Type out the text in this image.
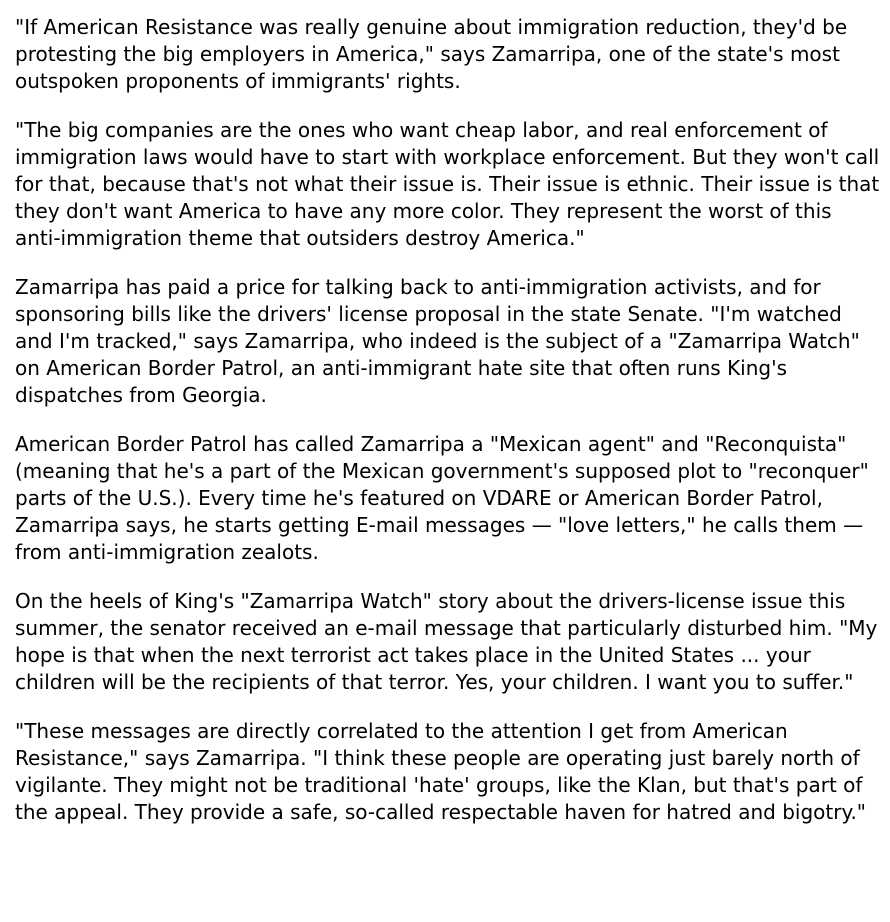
"If American Resistance was really genuine about immigration reduction, they'd be protesting the big employers in America," says Zamarripa, one of the state's most outspoken proponents of immigrants' rights.

"The big companies are the ones who want cheap labor, and real enforcement of immigration laws would have to start with workplace enforcement. But they won't call for that, because that's not what their issue is. Their issue is ethnic. Their issue is that they don't want America to have any more color. They represent the worst of this anti-immigration theme that outsiders destroy America."

Zamarripa has paid a price for talking back to anti-immigration activists, and for sponsoring bills like the drivers' license proposal in the state Senate. "I'm watched and I'm tracked," says Zamarripa, who indeed is the subject of a "Zamarripa Watch" on American Border Patrol, an anti-immigrant hate site that often runs King's dispatches from Georgia.

American Border Patrol has called Zamarripa a "Mexican agent" and "Reconquista" (meaning that he's a part of the Mexican government's supposed plot to "reconquer" parts of the U.S.). Every time he's featured on VDARE or American Border Patrol, Zamarripa says, he starts getting E-mail messages — "love letters," he calls them — from anti-immigration zealots.

On the heels of King's "Zamarripa Watch" story about the drivers-license issue this summer, the senator received an e-mail message that particularly disturbed him. "My hope is that when the next terrorist act takes place in the United States ... your children will be the recipients of that terror. Yes, your children. I want you to suffer."

"These messages are directly correlated to the attention I get from American Resistance," says Zamarripa. "I think these people are operating just barely north of vigilante. They might not be traditional 'hate' groups, like the Klan, but that's part of the appeal. They provide a safe, so-called respectable haven for hatred and bigotry."
